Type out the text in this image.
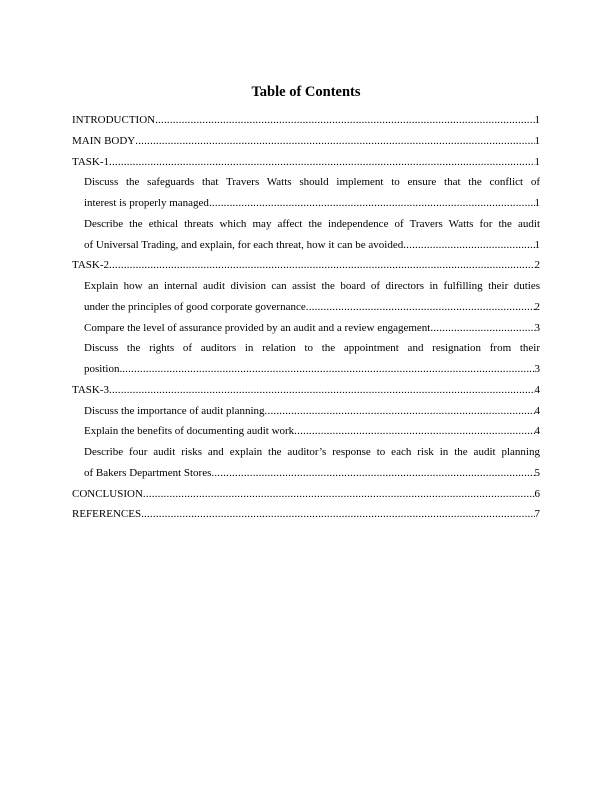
Table of Contents
INTRODUCTION .....	1
MAIN BODY .....	1
TASK-1 .....	1
Discuss the safeguards that Travers Watts should implement to ensure that the conflict of
interest is properly managed .....	1
Describe the ethical threats which may affect the independence of Travers Watts for the audit
of Universal Trading, and explain, for each threat, how it can be avoided .....	1
TASK-2 .....	2
Explain how an internal audit division can assist the board of directors in fulfilling their duties
under the principles of good corporate governance .....	2
Compare the level of assurance provided by an audit and a review engagement .....	3
Discuss the rights of auditors in relation to the appointment and resignation from their
position. .....	3
TASK-3 .....	4
Discuss the importance of audit planning .....	4
Explain the benefits of documenting audit work .....	4
Describe four audit risks and explain the auditor’s response to each risk in the audit planning
of Bakers Department Stores .....	5
CONCLUSION .....	6
REFERENCES .....	7
